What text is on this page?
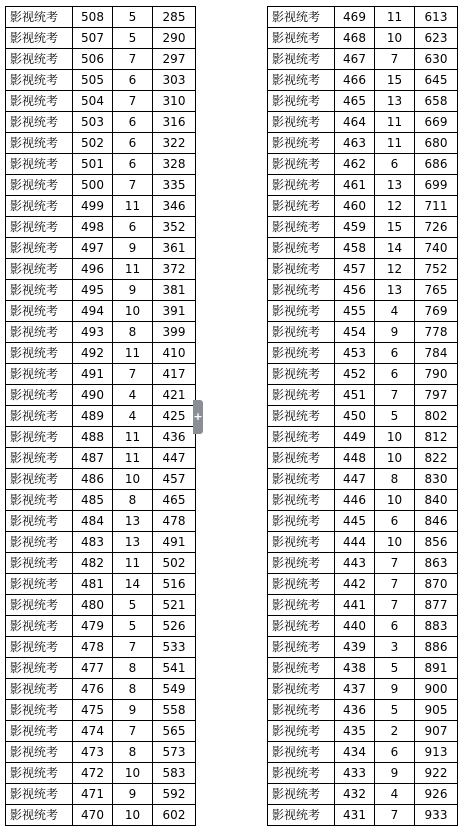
影视统考	508	5	285
影视统考	507	5	290
影视统考	506	7	297
影视统考	505	6	303
影视统考	504	7	310
影视统考	503	6	316
影视统考	502	6	322
影视统考	501	6	328
影视统考	500	7	335
影视统考	499	11	346
影视统考	498	6	352
影视统考	497	9	361
影视统考	496	11	372
影视统考	495	9	381
影视统考	494	10	391
影视统考	493	8	399
影视统考	492	11	410
影视统考	491	7	417
影视统考	490	4	421
影视统考	489	4	425
影视统考	488	11	436
影视统考	487	11	447
影视统考	486	10	457
影视统考	485	8	465
影视统考	484	13	478
影视统考	483	13	491
影视统考	482	11	502
影视统考	481	14	516
影视统考	480	5	521
影视统考	479	5	526
影视统考	478	7	533
影视统考	477	8	541
影视统考	476	8	549
影视统考	475	9	558
影视统考	474	7	565
影视统考	473	8	573
影视统考	472	10	583
影视统考	471	9	592
影视统考	470	10	602
+
影视统考	469	11	613
影视统考	468	10	623
影视统考	467	7	630
影视统考	466	15	645
影视统考	465	13	658
影视统考	464	11	669
影视统考	463	11	680
影视统考	462	6	686
影视统考	461	13	699
影视统考	460	12	711
影视统考	459	15	726
影视统考	458	14	740
影视统考	457	12	752
影视统考	456	13	765
影视统考	455	4	769
影视统考	454	9	778
影视统考	453	6	784
影视统考	452	6	790
影视统考	451	7	797
影视统考	450	5	802
影视统考	449	10	812
影视统考	448	10	822
影视统考	447	8	830
影视统考	446	10	840
影视统考	445	6	846
影视统考	444	10	856
影视统考	443	7	863
影视统考	442	7	870
影视统考	441	7	877
影视统考	440	6	883
影视统考	439	3	886
影视统考	438	5	891
影视统考	437	9	900
影视统考	436	5	905
影视统考	435	2	907
影视统考	434	6	913
影视统考	433	9	922
影视统考	432	4	926
影视统考	431	7	933
